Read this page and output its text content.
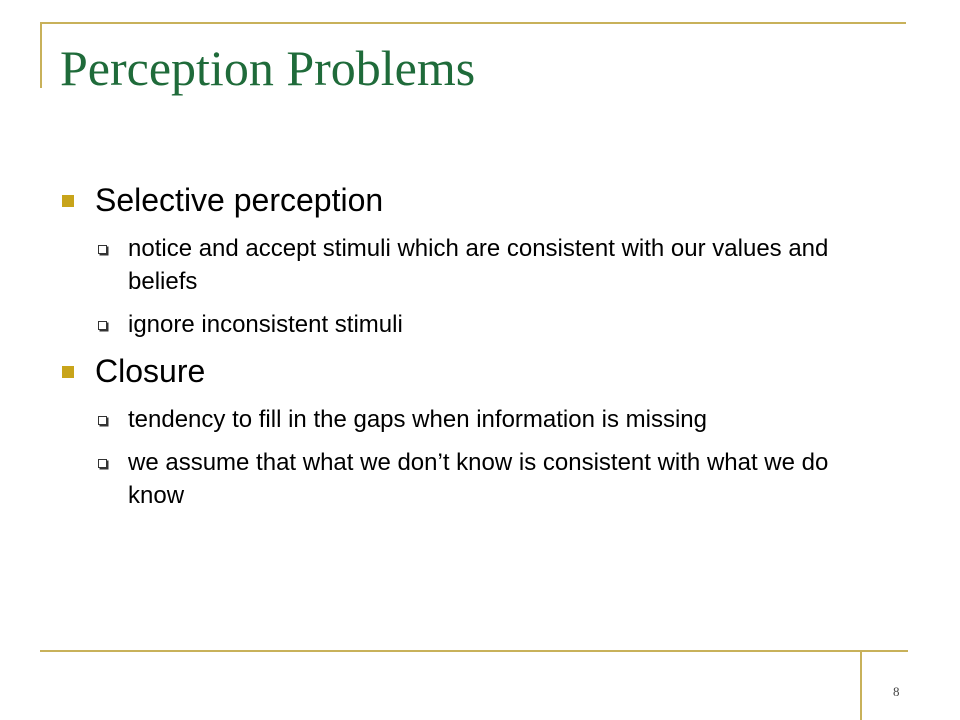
Perception Problems
Selective perception
notice and accept stimuli which are consistent with our values and beliefs
ignore inconsistent stimuli
Closure
tendency to fill in the gaps when information is missing
we assume that what we don’t know is consistent with what we do know
8
